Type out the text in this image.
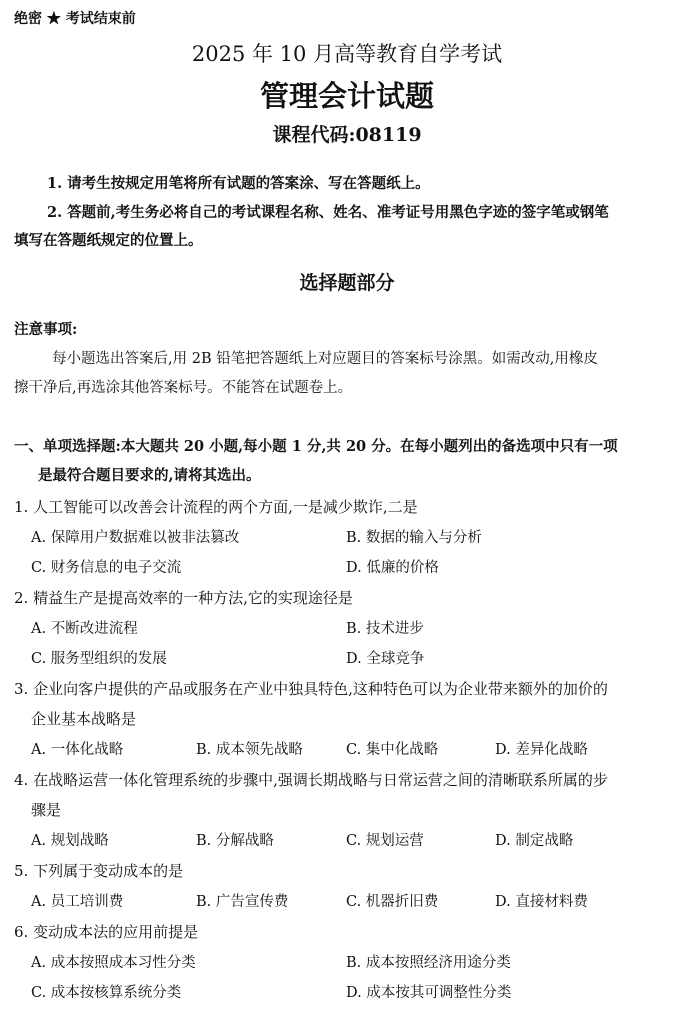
绝密 ★ 考试结束前
2025 年 10 月高等教育自学考试
管理会计试题
课程代码:08119
1. 请考生按规定用笔将所有试题的答案涂、写在答题纸上。
2. 答题前,考生务必将自己的考试课程名称、姓名、准考证号用黑色字迹的签字笔或钢笔
填写在答题纸规定的位置上。
选择题部分
注意事项:
每小题选出答案后,用 2B 铅笔把答题纸上对应题目的答案标号涂黑。如需改动,用橡皮
擦干净后,再选涂其他答案标号。不能答在试题卷上。
一、单项选择题:本大题共 20 小题,每小题 1 分,共 20 分。在每小题列出的备选项中只有一项
是最符合题目要求的,请将其选出。
1. 人工智能可以改善会计流程的两个方面,一是减少欺诈,二是
A. 保障用户数据难以被非法篡改	B. 数据的输入与分析
C. 财务信息的电子交流	D. 低廉的价格
2. 精益生产是提高效率的一种方法,它的实现途径是
A. 不断改进流程	B. 技术进步
C. 服务型组织的发展	D. 全球竞争
3. 企业向客户提供的产品或服务在产业中独具特色,这种特色可以为企业带来额外的加价的
企业基本战略是
A. 一体化战略	B. 成本领先战略	C. 集中化战略	D. 差异化战略
4. 在战略运营一体化管理系统的步骤中,强调长期战略与日常运营之间的清晰联系所属的步
骤是
A. 规划战略	B. 分解战略	C. 规划运营	D. 制定战略
5. 下列属于变动成本的是
A. 员工培训费	B. 广告宣传费	C. 机器折旧费	D. 直接材料费
6. 变动成本法的应用前提是
A. 成本按照成本习性分类	B. 成本按照经济用途分类
C. 成本按核算系统分类	D. 成本按其可调整性分类
